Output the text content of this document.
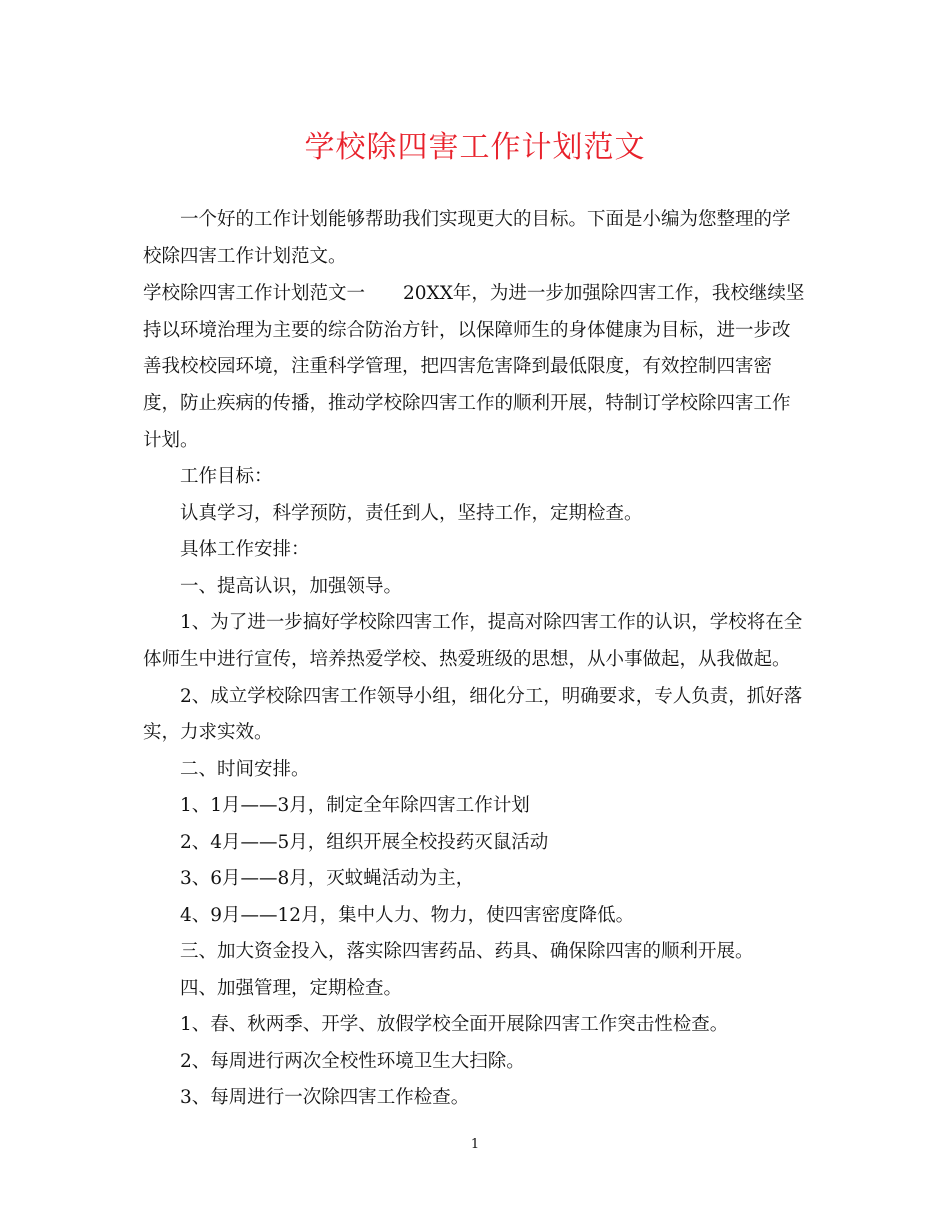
学校除四害工作计划范文
一个好的工作计划能够帮助我们实现更大的目标。下面是小编为您整理的学
校除四害工作计划范文。
学校除四害工作计划范文一 20XX年，为进一步加强除四害工作，我校继续坚
持以环境治理为主要的综合防治方针，以保障师生的身体健康为目标，进一步改
善我校校园环境，注重科学管理，把四害危害降到最低限度，有效控制四害密
度，防止疾病的传播，推动学校除四害工作的顺利开展，特制订学校除四害工作
计划。
工作目标：
认真学习，科学预防，责任到人，坚持工作，定期检查。
具体工作安排：
一、提高认识，加强领导。
1、为了进一步搞好学校除四害工作，提高对除四害工作的认识，学校将在全
体师生中进行宣传，培养热爱学校、热爱班级的思想，从小事做起，从我做起。
2、成立学校除四害工作领导小组，细化分工，明确要求，专人负责，抓好落
实，力求实效。
二、时间安排。
1、1月——3月，制定全年除四害工作计划
2、4月——5月，组织开展全校投药灭鼠活动
3、6月——8月，灭蚊蝇活动为主，
4、9月——12月，集中人力、物力，使四害密度降低。
三、加大资金投入，落实除四害药品、药具、确保除四害的顺利开展。
四、加强管理，定期检查。
1、春、秋两季、开学、放假学校全面开展除四害工作突击性检查。
2、每周进行两次全校性环境卫生大扫除。
3、每周进行一次除四害工作检查。
1
